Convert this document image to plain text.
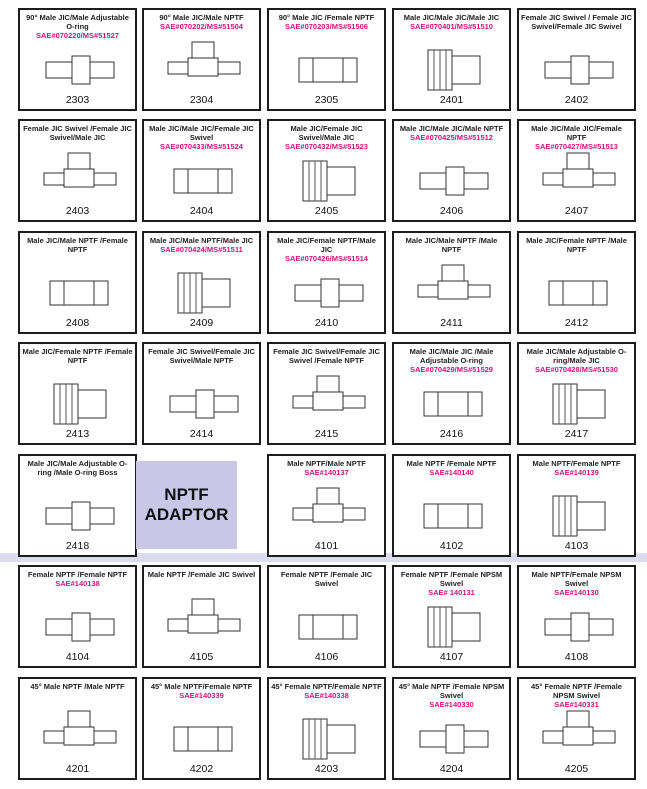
90° Male JIC/Male Adjustable O-ring
SAE#070220/MS#51527
2303
90° Male JIC/Male NPTF
SAE#070202/MS#51504
2304
90° Male JIC /Female NPTF
SAE#070203/MS#51506
2305
Male JIC/Male JIC/Male JIC
SAE#070401/MS#51510
2401
Female JIC Swivel / Female JIC Swivel/Female JIC Swivel
2402
Female JIC Swivel /Female JIC Swivel/Male JIC
2403
Male JIC/Male JIC/Female JIC Swivel
SAE#070433/MS#51524
2404
Male JIC/Female JIC Swivel/Male JIC
SAE#070432/MS#51523
2405
Male JIC/Male JIC/Male NPTF
SAE#070425/MS#51512
2406
Male JIC/Male JIC/Female NPTF
SAE#070427/MS#51513
2407
Male JIC/Male NPTF /Female NPTF
2408
Male JIC/Male NPTF/Male JIC
SAE#070424/MS#51511
2409
Male JIC/Female NPTF/Male JIC
SAE#070426/MS#51514
2410
Male JIC/Male NPTF /Male NPTF
2411
Male JIC/Female NPTF /Male NPTF
2412
Male JIC/Female NPTF /Female NPTF
2413
Female JIC Swivel/Female JIC Swivel/Male NPTF
2414
Female JIC Swivel/Female JIC Swivel /Female NPTF
2415
Male JIC/Male JIC /Male Adjustable O-ring
SAE#070429/MS#51529
2416
Male JIC/Male Adjustable O-ring/Male JIC
SAE#070428/MS#51530
2417
Male JIC/Male Adjustable O-ring /Male O-ring Boss
2418
Male NPTF/Male NPTF
SAE#140137
4101
Male NPTF /Female NPTF
SAE#140140
4102
Male NPTF/Female NPTF
SAE#140139
4103
Female NPTF /Female NPTF
SAE#140138
4104
Male NPTF /Female JIC Swivel
4105
Female NPTF /Female JIC Swivel
4106
Female NPTF /Female NPSM Swivel
SAE# 140131
4107
Male NPTF/Female NPSM Swivel
SAE#140130
4108
45° Male NPTF /Male NPTF
4201
45° Male NPTF/Female NPTF
SAE#140339
4202
45° Female NPTF/Female NPTF
SAE#140338
4203
45° Male NPTF /Female NPSM Swivel
SAE#140330
4204
45° Female NPTF /Female NPSM Swivel
SAE#140331
4205
NPTF
ADAPTOR
